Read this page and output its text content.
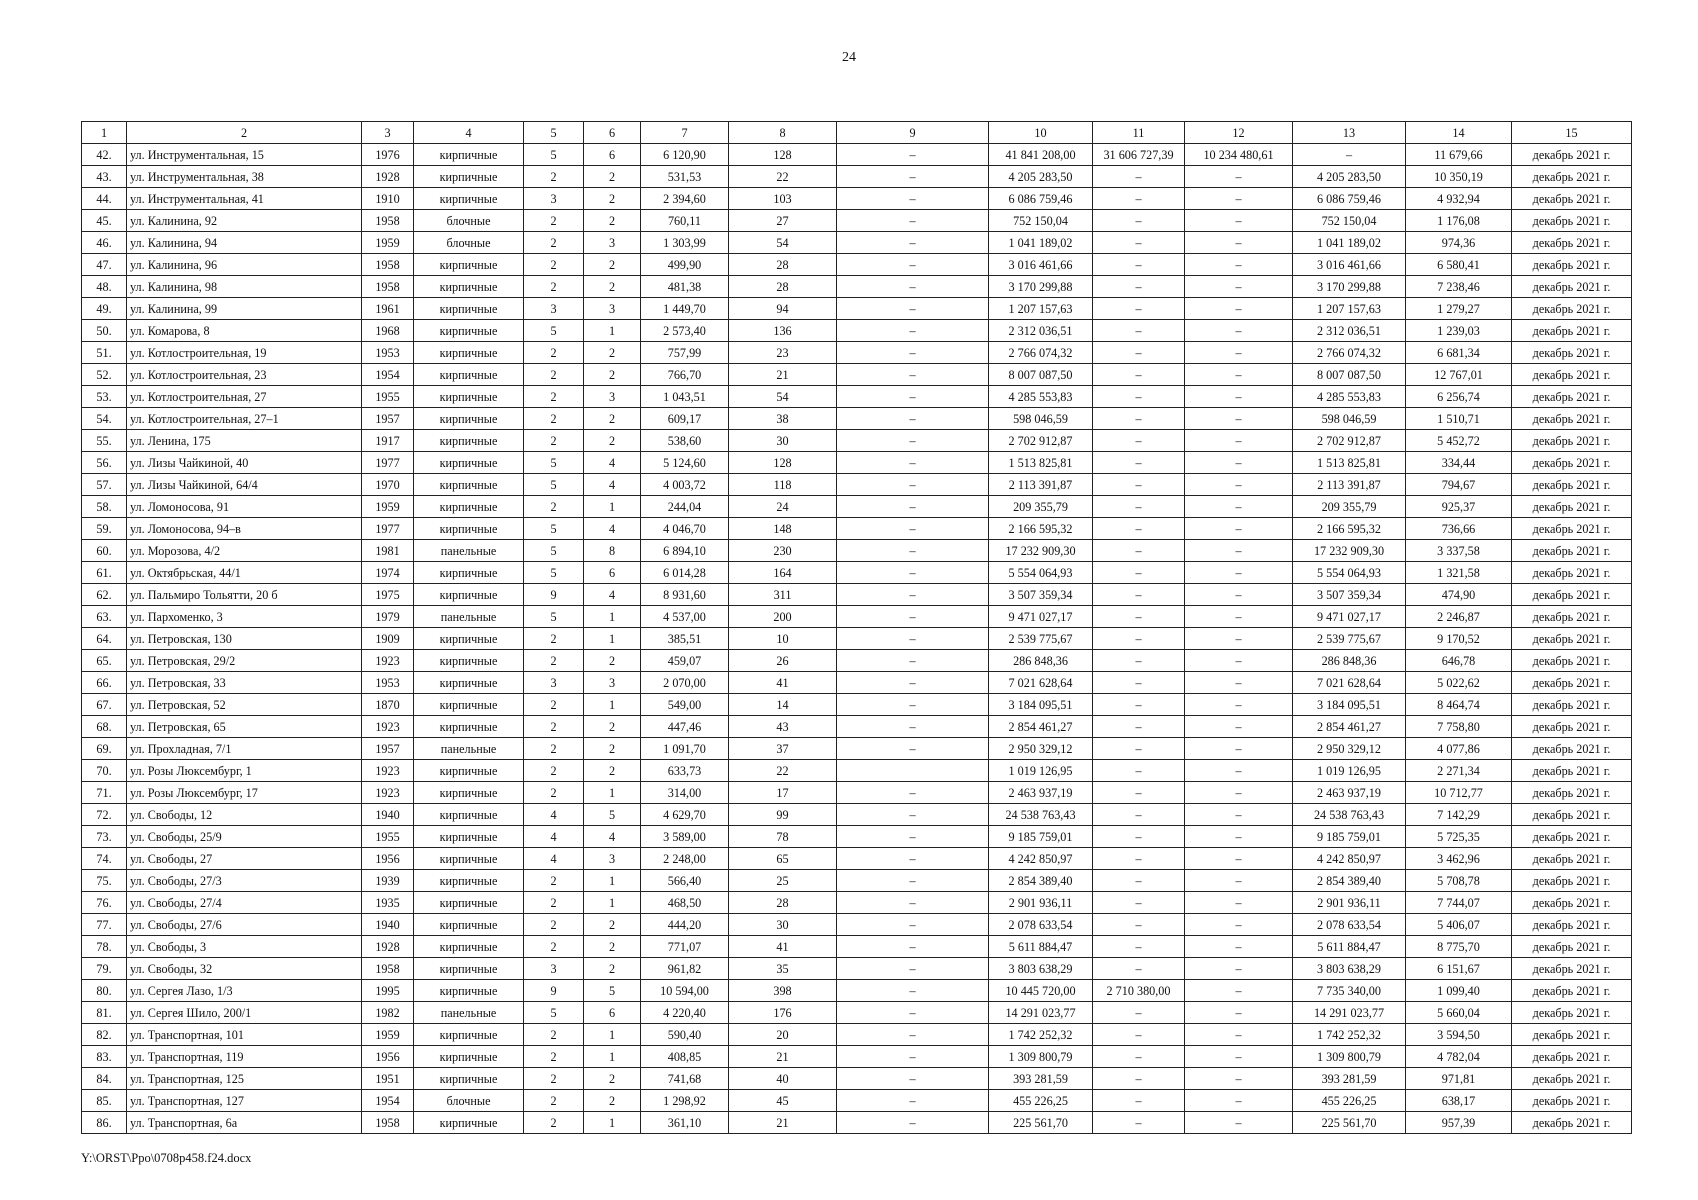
24
1	2	3	4	5	6	7	8	9	10	11	12	13	14	15
42.	ул. Инструментальная, 15	1976	кирпичные	5	6	6 120,90	128	–	41 841 208,00	31 606 727,39	10 234 480,61	–	11 679,66	декабрь 2021 г.
43.	ул. Инструментальная, 38	1928	кирпичные	2	2	531,53	22	–	4 205 283,50	–	–	4 205 283,50	10 350,19	декабрь 2021 г.
44.	ул. Инструментальная, 41	1910	кирпичные	3	2	2 394,60	103	–	6 086 759,46	–	–	6 086 759,46	4 932,94	декабрь 2021 г.
45.	ул. Калинина, 92	1958	блочные	2	2	760,11	27	–	752 150,04	–	–	752 150,04	1 176,08	декабрь 2021 г.
46.	ул. Калинина, 94	1959	блочные	2	3	1 303,99	54	–	1 041 189,02	–	–	1 041 189,02	974,36	декабрь 2021 г.
47.	ул. Калинина, 96	1958	кирпичные	2	2	499,90	28	–	3 016 461,66	–	–	3 016 461,66	6 580,41	декабрь 2021 г.
48.	ул. Калинина, 98	1958	кирпичные	2	2	481,38	28	–	3 170 299,88	–	–	3 170 299,88	7 238,46	декабрь 2021 г.
49.	ул. Калинина, 99	1961	кирпичные	3	3	1 449,70	94	–	1 207 157,63	–	–	1 207 157,63	1 279,27	декабрь 2021 г.
50.	ул. Комарова, 8	1968	кирпичные	5	1	2 573,40	136	–	2 312 036,51	–	–	2 312 036,51	1 239,03	декабрь 2021 г.
51.	ул. Котлостроительная, 19	1953	кирпичные	2	2	757,99	23	–	2 766 074,32	–	–	2 766 074,32	6 681,34	декабрь 2021 г.
52.	ул. Котлостроительная, 23	1954	кирпичные	2	2	766,70	21	–	8 007 087,50	–	–	8 007 087,50	12 767,01	декабрь 2021 г.
53.	ул. Котлостроительная, 27	1955	кирпичные	2	3	1 043,51	54	–	4 285 553,83	–	–	4 285 553,83	6 256,74	декабрь 2021 г.
54.	ул. Котлостроительная, 27–1	1957	кирпичные	2	2	609,17	38	–	598 046,59	–	–	598 046,59	1 510,71	декабрь 2021 г.
55.	ул. Ленина, 175	1917	кирпичные	2	2	538,60	30	–	2 702 912,87	–	–	2 702 912,87	5 452,72	декабрь 2021 г.
56.	ул. Лизы Чайкиной, 40	1977	кирпичные	5	4	5 124,60	128	–	1 513 825,81	–	–	1 513 825,81	334,44	декабрь 2021 г.
57.	ул. Лизы Чайкиной, 64/4	1970	кирпичные	5	4	4 003,72	118	–	2 113 391,87	–	–	2 113 391,87	794,67	декабрь 2021 г.
58.	ул. Ломоносова, 91	1959	кирпичные	2	1	244,04	24	–	209 355,79	–	–	209 355,79	925,37	декабрь 2021 г.
59.	ул. Ломоносова, 94–в	1977	кирпичные	5	4	4 046,70	148	–	2 166 595,32	–	–	2 166 595,32	736,66	декабрь 2021 г.
60.	ул. Морозова, 4/2	1981	панельные	5	8	6 894,10	230	–	17 232 909,30	–	–	17 232 909,30	3 337,58	декабрь 2021 г.
61.	ул. Октябрьская, 44/1	1974	кирпичные	5	6	6 014,28	164	–	5 554 064,93	–	–	5 554 064,93	1 321,58	декабрь 2021 г.
62.	ул. Пальмиро Тольятти, 20 б	1975	кирпичные	9	4	8 931,60	311	–	3 507 359,34	–	–	3 507 359,34	474,90	декабрь 2021 г.
63.	ул. Пархоменко, 3	1979	панельные	5	1	4 537,00	200	–	9 471 027,17	–	–	9 471 027,17	2 246,87	декабрь 2021 г.
64.	ул. Петровская, 130	1909	кирпичные	2	1	385,51	10	–	2 539 775,67	–	–	2 539 775,67	9 170,52	декабрь 2021 г.
65.	ул. Петровская, 29/2	1923	кирпичные	2	2	459,07	26	–	286 848,36	–	–	286 848,36	646,78	декабрь 2021 г.
66.	ул. Петровская, 33	1953	кирпичные	3	3	2 070,00	41	–	7 021 628,64	–	–	7 021 628,64	5 022,62	декабрь 2021 г.
67.	ул. Петровская, 52	1870	кирпичные	2	1	549,00	14	–	3 184 095,51	–	–	3 184 095,51	8 464,74	декабрь 2021 г.
68.	ул. Петровская, 65	1923	кирпичные	2	2	447,46	43	–	2 854 461,27	–	–	2 854 461,27	7 758,80	декабрь 2021 г.
69.	ул. Прохладная, 7/1	1957	панельные	2	2	1 091,70	37	–	2 950 329,12	–	–	2 950 329,12	4 077,86	декабрь 2021 г.
70.	ул. Розы Люксембург, 1	1923	кирпичные	2	2	633,73	22		1 019 126,95	–	–	1 019 126,95	2 271,34	декабрь 2021 г.
71.	ул. Розы Люксембург, 17	1923	кирпичные	2	1	314,00	17	–	2 463 937,19	–	–	2 463 937,19	10 712,77	декабрь 2021 г.
72.	ул. Свободы, 12	1940	кирпичные	4	5	4 629,70	99	–	24 538 763,43	–	–	24 538 763,43	7 142,29	декабрь 2021 г.
73.	ул. Свободы, 25/9	1955	кирпичные	4	4	3 589,00	78	–	9 185 759,01	–	–	9 185 759,01	5 725,35	декабрь 2021 г.
74.	ул. Свободы, 27	1956	кирпичные	4	3	2 248,00	65	–	4 242 850,97	–	–	4 242 850,97	3 462,96	декабрь 2021 г.
75.	ул. Свободы, 27/3	1939	кирпичные	2	1	566,40	25	–	2 854 389,40	–	–	2 854 389,40	5 708,78	декабрь 2021 г.
76.	ул. Свободы, 27/4	1935	кирпичные	2	1	468,50	28	–	2 901 936,11	–	–	2 901 936,11	7 744,07	декабрь 2021 г.
77.	ул. Свободы, 27/6	1940	кирпичные	2	2	444,20	30	–	2 078 633,54	–	–	2 078 633,54	5 406,07	декабрь 2021 г.
78.	ул. Свободы, 3	1928	кирпичные	2	2	771,07	41	–	5 611 884,47	–	–	5 611 884,47	8 775,70	декабрь 2021 г.
79.	ул. Свободы, 32	1958	кирпичные	3	2	961,82	35	–	3 803 638,29	–	–	3 803 638,29	6 151,67	декабрь 2021 г.
80.	ул. Сергея Лазо, 1/3	1995	кирпичные	9	5	10 594,00	398	–	10 445 720,00	2 710 380,00	–	7 735 340,00	1 099,40	декабрь 2021 г.
81.	ул. Сергея Шило, 200/1	1982	панельные	5	6	4 220,40	176	–	14 291 023,77	–	–	14 291 023,77	5 660,04	декабрь 2021 г.
82.	ул. Транспортная, 101	1959	кирпичные	2	1	590,40	20	–	1 742 252,32	–	–	1 742 252,32	3 594,50	декабрь 2021 г.
83.	ул. Транспортная, 119	1956	кирпичные	2	1	408,85	21	–	1 309 800,79	–	–	1 309 800,79	4 782,04	декабрь 2021 г.
84.	ул. Транспортная, 125	1951	кирпичные	2	2	741,68	40	–	393 281,59	–	–	393 281,59	971,81	декабрь 2021 г.
85.	ул. Транспортная, 127	1954	блочные	2	2	1 298,92	45	–	455 226,25	–	–	455 226,25	638,17	декабрь 2021 г.
86.	ул. Транспортная, 6а	1958	кирпичные	2	1	361,10	21	–	225 561,70	–	–	225 561,70	957,39	декабрь 2021 г.
Y:\ORST\Ppo\0708p458.f24.docx
